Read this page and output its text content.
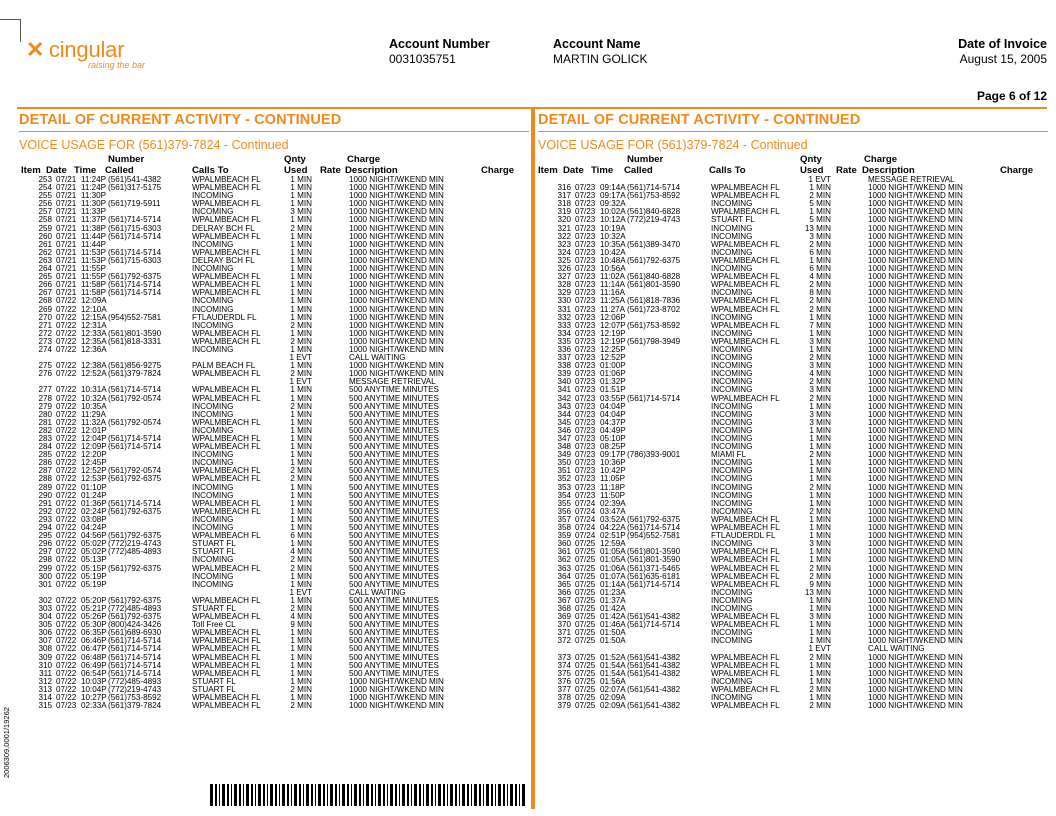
✕ cingular
raising the bar
Account Number
0031035751
Account Name
MARTIN GOLICK
Date of Invoice
August 15, 2005
Page 6 of 12
DETAIL OF CURRENT ACTIVITY - CONTINUED
VOICE USAGE FOR (561)379-7824 - Continued
Number	Qnty	Charge
Item Date Time Called	Calls To	Used Rate Description	Charge
253 07/21 11:24P (561)541-4382	WPALMBEACH FL	1 MIN	1000 NIGHT/WKEND MIN
254 07/21 11:24P (561)317-5175	WPALMBEACH FL	1 MIN	1000 NIGHT/WKEND MIN
255 07/21 11:30P	INCOMING	1 MIN	1000 NIGHT/WKEND MIN
256 07/21 11:30P (561)719-5911	WPALMBEACH FL	1 MIN	1000 NIGHT/WKEND MIN
257 07/21 11:33P	INCOMING	3 MIN	1000 NIGHT/WKEND MIN
258 07/21 11:37P (561)714-5714	WPALMBEACH FL	1 MIN	1000 NIGHT/WKEND MIN
259 07/21 11:38P (561)715-6303	DELRAY BCH FL	2 MIN	1000 NIGHT/WKEND MIN
260 07/21 11:44P (561)714-5714	WPALMBEACH FL	1 MIN	1000 NIGHT/WKEND MIN
261 07/21 11:44P	INCOMING	1 MIN	1000 NIGHT/WKEND MIN
262 07/21 11:53P (561)714-5714	WPALMBEACH FL	1 MIN	1000 NIGHT/WKEND MIN
263 07/21 11:53P (561)715-6303	DELRAY BCH FL	1 MIN	1000 NIGHT/WKEND MIN
264 07/21 11:55P	INCOMING	1 MIN	1000 NIGHT/WKEND MIN
265 07/21 11:55P (561)792-6375	WPALMBEACH FL	1 MIN	1000 NIGHT/WKEND MIN
266 07/21 11:58P (561)714-5714	WPALMBEACH FL	1 MIN	1000 NIGHT/WKEND MIN
267 07/21 11:58P (561)714-5714	WPALMBEACH FL	1 MIN	1000 NIGHT/WKEND MIN
268 07/22 12:09A	INCOMING	1 MIN	1000 NIGHT/WKEND MIN
269 07/22 12:10A	INCOMING	1 MIN	1000 NIGHT/WKEND MIN
270 07/22 12:15A (954)552-7581	FTLAUDERDL FL	1 MIN	1000 NIGHT/WKEND MIN
271 07/22 12:31A	INCOMING	2 MIN	1000 NIGHT/WKEND MIN
272 07/22 12:33A (561)801-3590	WPALMBEACH FL	1 MIN	1000 NIGHT/WKEND MIN
273 07/22 12:35A (561)818-3331	WPALMBEACH FL	2 MIN	1000 NIGHT/WKEND MIN
274 07/22 12:36A	INCOMING	1 MIN	1000 NIGHT/WKEND MIN
1 EVT	CALL WAITING
275 07/22 12:38A (561)856-9275	PALM BEACH FL	1 MIN	1000 NIGHT/WKEND MIN
276 07/22 12:52A (561)379-7824	WPALMBEACH FL	2 MIN	1000 NIGHT/WKEND MIN
1 EVT	MESSAGE RETRIEVAL
277 07/22 10:31A (561)714-5714	WPALMBEACH FL	1 MIN	500 ANYTIME MINUTES
278 07/22 10:32A (561)792-0574	WPALMBEACH FL	1 MIN	500 ANYTIME MINUTES
279 07/22 10:35A	INCOMING	2 MIN	500 ANYTIME MINUTES
280 07/22 11:29A	INCOMING	1 MIN	500 ANYTIME MINUTES
281 07/22 11:32A (561)792-0574	WPALMBEACH FL	1 MIN	500 ANYTIME MINUTES
282 07/22 12:01P	INCOMING	1 MIN	500 ANYTIME MINUTES
283 07/22 12:04P (561)714-5714	WPALMBEACH FL	1 MIN	500 ANYTIME MINUTES
284 07/22 12:09P (561)714-5714	WPALMBEACH FL	1 MIN	500 ANYTIME MINUTES
285 07/22 12:20P	INCOMING	1 MIN	500 ANYTIME MINUTES
286 07/22 12:45P	INCOMING	1 MIN	500 ANYTIME MINUTES
287 07/22 12:52P (561)792-0574	WPALMBEACH FL	2 MIN	500 ANYTIME MINUTES
288 07/22 12:53P (561)792-6375	WPALMBEACH FL	2 MIN	500 ANYTIME MINUTES
289 07/22 01:10P	INCOMING	1 MIN	500 ANYTIME MINUTES
290 07/22 01:24P	INCOMING	1 MIN	500 ANYTIME MINUTES
291 07/22 01:36P (561)714-5714	WPALMBEACH FL	1 MIN	500 ANYTIME MINUTES
292 07/22 02:24P (561)792-6375	WPALMBEACH FL	1 MIN	500 ANYTIME MINUTES
293 07/22 03:08P	INCOMING	1 MIN	500 ANYTIME MINUTES
294 07/22 04:24P	INCOMING	1 MIN	500 ANYTIME MINUTES
295 07/22 04:56P (561)792-6375	WPALMBEACH FL	6 MIN	500 ANYTIME MINUTES
296 07/22 05:02P (772)219-4743	STUART FL	1 MIN	500 ANYTIME MINUTES
297 07/22 05:02P (772)485-4893	STUART FL	4 MIN	500 ANYTIME MINUTES
298 07/22 05:13P	INCOMING	2 MIN	500 ANYTIME MINUTES
299 07/22 05:15P (561)792-6375	WPALMBEACH FL	2 MIN	500 ANYTIME MINUTES
300 07/22 05:19P	INCOMING	1 MIN	500 ANYTIME MINUTES
301 07/22 05:19P	INCOMING	1 MIN	500 ANYTIME MINUTES
1 EVT	CALL WAITING
302 07/22 05:20P (561)792-6375	WPALMBEACH FL	1 MIN	500 ANYTIME MINUTES
303 07/22 05:21P (772)485-4893	STUART FL	2 MIN	500 ANYTIME MINUTES
304 07/22 05:26P (561)792-6375	WPALMBEACH FL	4 MIN	500 ANYTIME MINUTES
305 07/22 05:30P (800)424-3426	Toll Free CL	9 MIN	500 ANYTIME MINUTES
306 07/22 06:35P (561)689-6930	WPALMBEACH FL	1 MIN	500 ANYTIME MINUTES
307 07/22 06:46P (561)714-5714	WPALMBEACH FL	1 MIN	500 ANYTIME MINUTES
308 07/22 06:47P (561)714-5714	WPALMBEACH FL	1 MIN	500 ANYTIME MINUTES
309 07/22 06:48P (561)714-5714	WPALMBEACH FL	1 MIN	500 ANYTIME MINUTES
310 07/22 06:49P (561)714-5714	WPALMBEACH FL	1 MIN	500 ANYTIME MINUTES
311 07/22 06:54P (561)714-5714	WPALMBEACH FL	1 MIN	500 ANYTIME MINUTES
312 07/22 10:03P (772)485-4893	STUART FL	1 MIN	1000 NIGHT/WKEND MIN
313 07/22 10:04P (772)219-4743	STUART FL	2 MIN	1000 NIGHT/WKEND MIN
314 07/22 10:27P (561)753-8592	WPALMBEACH FL	1 MIN	1000 NIGHT/WKEND MIN
315 07/23 02:33A (561)379-7824	WPALMBEACH FL	2 MIN	1000 NIGHT/WKEND MIN
DETAIL OF CURRENT ACTIVITY - CONTINUED
VOICE USAGE FOR (561)379-7824 - Continued
Number	Qnty	Charge
Item Date Time Called	Calls To	Used Rate Description	Charge
1 EVT	MESSAGE RETRIEVAL
316 07/23 09:14A (561)714-5714	WPALMBEACH FL	1 MIN	1000 NIGHT/WKEND MIN
317 07/23 09:17A (561)753-8592	WPALMBEACH FL	2 MIN	1000 NIGHT/WKEND MIN
318 07/23 09:32A	INCOMING	5 MIN	1000 NIGHT/WKEND MIN
319 07/23 10:02A (561)840-6828	WPALMBEACH FL	1 MIN	1000 NIGHT/WKEND MIN
320 07/23 10:12A (772)219-4743	STUART FL	5 MIN	1000 NIGHT/WKEND MIN
321 07/23 10:19A	INCOMING	13 MIN	1000 NIGHT/WKEND MIN
322 07/23 10:32A	INCOMING	3 MIN	1000 NIGHT/WKEND MIN
323 07/23 10:35A (561)389-3470	WPALMBEACH FL	2 MIN	1000 NIGHT/WKEND MIN
324 07/23 10:42A	INCOMING	6 MIN	1000 NIGHT/WKEND MIN
325 07/23 10:48A (561)792-6375	WPALMBEACH FL	1 MIN	1000 NIGHT/WKEND MIN
326 07/23 10:56A	INCOMING	6 MIN	1000 NIGHT/WKEND MIN
327 07/23 11:02A (561)840-6828	WPALMBEACH FL	4 MIN	1000 NIGHT/WKEND MIN
328 07/23 11:14A (561)801-3590	WPALMBEACH FL	2 MIN	1000 NIGHT/WKEND MIN
329 07/23 11:16A	INCOMING	8 MIN	1000 NIGHT/WKEND MIN
330 07/23 11:25A (561)818-7836	WPALMBEACH FL	2 MIN	1000 NIGHT/WKEND MIN
331 07/23 11:27A (561)723-8702	WPALMBEACH FL	2 MIN	1000 NIGHT/WKEND MIN
332 07/23 12:06P	INCOMING	1 MIN	1000 NIGHT/WKEND MIN
333 07/23 12:07P (561)753-8592	WPALMBEACH FL	7 MIN	1000 NIGHT/WKEND MIN
334 07/23 12:19P	INCOMING	1 MIN	1000 NIGHT/WKEND MIN
335 07/23 12:19P (561)798-3949	WPALMBEACH FL	3 MIN	1000 NIGHT/WKEND MIN
336 07/23 12:25P	INCOMING	1 MIN	1000 NIGHT/WKEND MIN
337 07/23 12:52P	INCOMING	2 MIN	1000 NIGHT/WKEND MIN
338 07/23 01:00P	INCOMING	3 MIN	1000 NIGHT/WKEND MIN
339 07/23 01:06P	INCOMING	4 MIN	1000 NIGHT/WKEND MIN
340 07/23 01:32P	INCOMING	2 MIN	1000 NIGHT/WKEND MIN
341 07/23 01:51P	INCOMING	3 MIN	1000 NIGHT/WKEND MIN
342 07/23 03:55P (561)714-5714	WPALMBEACH FL	2 MIN	1000 NIGHT/WKEND MIN
343 07/23 04:04P	INCOMING	1 MIN	1000 NIGHT/WKEND MIN
344 07/23 04:04P	INCOMING	3 MIN	1000 NIGHT/WKEND MIN
345 07/23 04:37P	INCOMING	3 MIN	1000 NIGHT/WKEND MIN
346 07/23 04:49P	INCOMING	1 MIN	1000 NIGHT/WKEND MIN
347 07/23 05:10P	INCOMING	1 MIN	1000 NIGHT/WKEND MIN
348 07/23 08:25P	INCOMING	1 MIN	1000 NIGHT/WKEND MIN
349 07/23 09:17P (786)393-9001	MIAMI FL	2 MIN	1000 NIGHT/WKEND MIN
350 07/23 10:36P	INCOMING	1 MIN	1000 NIGHT/WKEND MIN
351 07/23 10:42P	INCOMING	1 MIN	1000 NIGHT/WKEND MIN
352 07/23 11:05P	INCOMING	1 MIN	1000 NIGHT/WKEND MIN
353 07/23 11:18P	INCOMING	2 MIN	1000 NIGHT/WKEND MIN
354 07/23 11:50P	INCOMING	1 MIN	1000 NIGHT/WKEND MIN
355 07/24 02:39A	INCOMING	1 MIN	1000 NIGHT/WKEND MIN
356 07/24 03:47A	INCOMING	2 MIN	1000 NIGHT/WKEND MIN
357 07/24 03:52A (561)792-6375	WPALMBEACH FL	1 MIN	1000 NIGHT/WKEND MIN
358 07/24 04:22A (561)714-5714	WPALMBEACH FL	1 MIN	1000 NIGHT/WKEND MIN
359 07/24 02:51P (954)552-7581	FTLAUDERDL FL	1 MIN	1000 NIGHT/WKEND MIN
360 07/25 12:59A	INCOMING	3 MIN	1000 NIGHT/WKEND MIN
361 07/25 01:05A (561)801-3590	WPALMBEACH FL	1 MIN	1000 NIGHT/WKEND MIN
362 07/25 01:05A (561)801-3590	WPALMBEACH FL	1 MIN	1000 NIGHT/WKEND MIN
363 07/25 01:06A (561)371-5465	WPALMBEACH FL	2 MIN	1000 NIGHT/WKEND MIN
364 07/25 01:07A (561)635-6181	WPALMBEACH FL	2 MIN	1000 NIGHT/WKEND MIN
365 07/25 01:14A (561)714-5714	WPALMBEACH FL	9 MIN	1000 NIGHT/WKEND MIN
366 07/25 01:23A	INCOMING	13 MIN	1000 NIGHT/WKEND MIN
367 07/25 01:37A	INCOMING	1 MIN	1000 NIGHT/WKEND MIN
368 07/25 01:42A	INCOMING	1 MIN	1000 NIGHT/WKEND MIN
369 07/25 01:42A (561)541-4382	WPALMBEACH FL	3 MIN	1000 NIGHT/WKEND MIN
370 07/25 01:46A (561)714-5714	WPALMBEACH FL	1 MIN	1000 NIGHT/WKEND MIN
371 07/25 01:50A	INCOMING	1 MIN	1000 NIGHT/WKEND MIN
372 07/25 01:50A	INCOMING	1 MIN	1000 NIGHT/WKEND MIN
1 EVT	CALL WAITING
373 07/25 01:52A (561)541-4382	WPALMBEACH FL	2 MIN	1000 NIGHT/WKEND MIN
374 07/25 01:54A (561)541-4382	WPALMBEACH FL	1 MIN	1000 NIGHT/WKEND MIN
375 07/25 01:54A (561)541-4382	WPALMBEACH FL	1 MIN	1000 NIGHT/WKEND MIN
376 07/25 01:56A	INCOMING	1 MIN	1000 NIGHT/WKEND MIN
377 07/25 02:07A (561)541-4382	WPALMBEACH FL	2 MIN	1000 NIGHT/WKEND MIN
378 07/25 02:09A	INCOMING	1 MIN	1000 NIGHT/WKEND MIN
379 07/25 02:09A (561)541-4382	WPALMBEACH FL	2 MIN	1000 NIGHT/WKEND MIN
2006309.0001/19262
